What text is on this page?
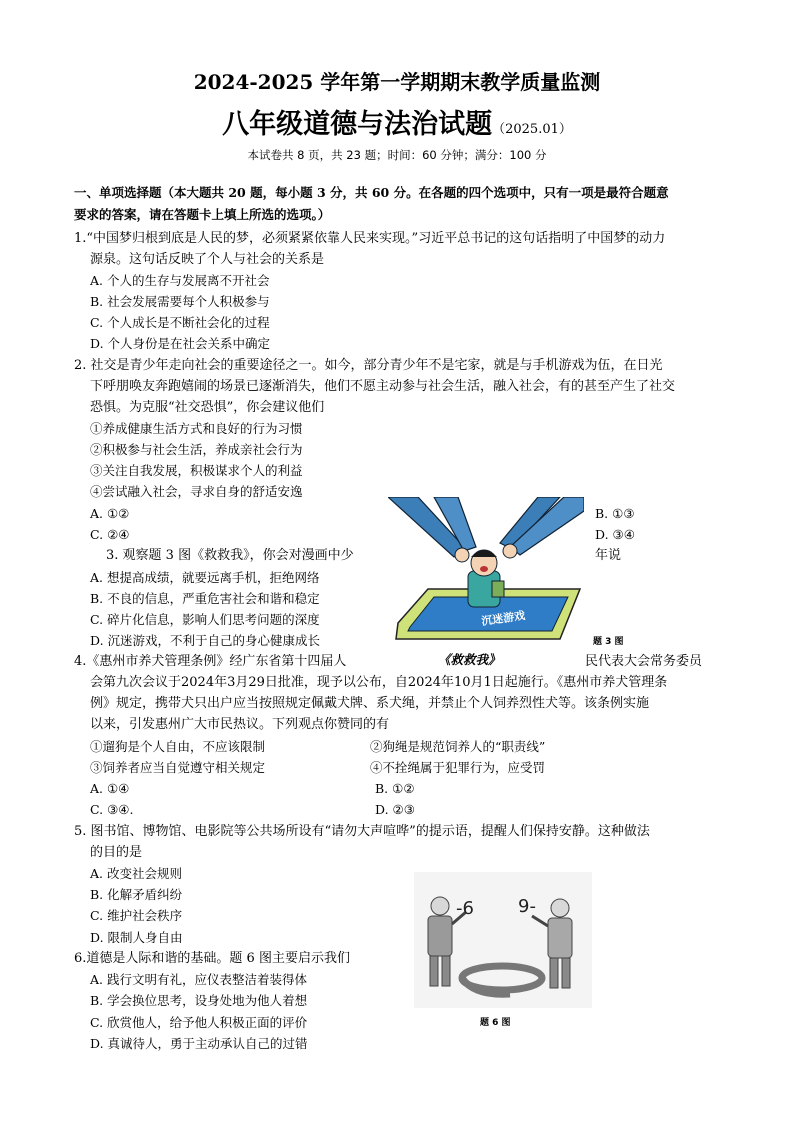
2024-2025 学年第一学期期末教学质量监测
八年级道德与法治试题（2025.01）
本试卷共 8 页，共 23 题；时间：60 分钟；满分：100 分
一、单项选择题（本大题共 20 题，每小题 3 分，共 60 分。在各题的四个选项中，只有一项是最符合题意
要求的答案，请在答题卡上填上所选的选项。）
1.“中国梦归根到底是人民的梦，必须紧紧依靠人民来实现。”习近平总书记的这句话指明了中国梦的动力
源泉。这句话反映了个人与社会的关系是
A. 个人的生存与发展离不开社会
B. 社会发展需要每个人积极参与
C. 个人成长是不断社会化的过程
D. 个人身份是在社会关系中确定
2. 社交是青少年走向社会的重要途径之一。如今，部分青少年不是宅家，就是与手机游戏为伍，在日光
下呼朋唤友奔跑嬉闹的场景已逐渐消失，他们不愿主动参与社会生活，融入社会，有的甚至产生了社交
恐惧。为克服“社交恐惧”，你会建议他们
①养成健康生活方式和良好的行为习惯
②积极参与社会生活，养成亲社会行为
③关注自我发展，积极谋求个人的利益
④尝试融入社会，寻求自身的舒适安逸
A. ①②	B. ①③
C. ②④	D. ③④
3. 观察题 3 图《救救我》，你会对漫画中少	年说
A. 想提高成绩，就要远离手机，拒绝网络
B. 不良的信息，严重危害社会和谐和稳定
C. 碎片化信息，影响人们思考问题的深度
D. 沉迷游戏，不利于自己的身心健康成长
沉迷游戏
题 3 图
《救救我》
4.《惠州市养犬管理条例》经广东省第十四届人	民代表大会常务委员
会第九次会议于2024年3月29日批准，现予以公布，自2024年10月1日起施行。《惠州市养犬管理条
例》规定，携带犬只出户应当按照规定佩戴犬牌、系犬绳，并禁止个人饲养烈性犬等。该条例实施
以来，引发惠州广大市民热议。下列观点你赞同的有
①遛狗是个人自由，不应该限制	②狗绳是规范饲养人的“职责线”
③饲养者应当自觉遵守相关规定	④不拴绳属于犯罪行为，应受罚
A. ①④	B. ①②
C. ③④.	D. ②③
5. 图书馆、博物馆、电影院等公共场所设有“请勿大声喧哗”的提示语，提醒人们保持安静。这种做法
的目的是
A. 改变社会规则
B. 化解矛盾纠纷
C. 维护社会秩序
D. 限制人身自由
6.道德是人际和谐的基础。题 6 图主要启示我们
A. 践行文明有礼，应仪表整洁着装得体
B. 学会换位思考，设身处地为他人着想
C. 欣赏他人，给予他人积极正面的评价
D. 真诚待人，勇于主动承认自己的过错
-6 9-
题 6 图
